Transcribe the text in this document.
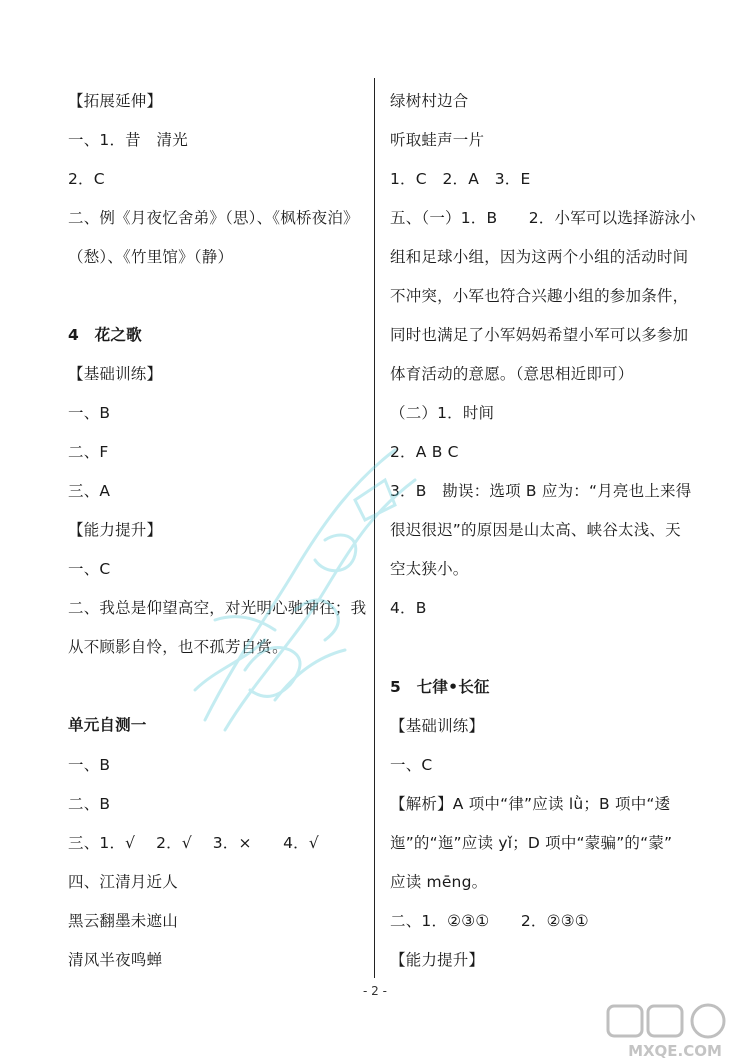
【拓展延伸】
一、1．昔　清光
2．C
二、例《月夜忆舍弟》（思）、《枫桥夜泊》
（愁）、《竹里馆》（静）
4　花之歌
【基础训练】
一、B
二、F
三、A
【能力提升】
一、C
二、我总是仰望高空，对光明心驰神往；我
从不顾影自怜，也不孤芳自赏。
单元自测一
一、B
二、B
三、1．√　 2．√　 3．×　　4．√
四、江清月近人
黑云翻墨未遮山
清风半夜鸣蝉
绿树村边合
听取蛙声一片
1．C　2．A　3．E
五、（一）1．B　　2．小军可以选择游泳小
组和足球小组，因为这两个小组的活动时间
不冲突，小军也符合兴趣小组的参加条件，
同时也满足了小军妈妈希望小军可以多参加
体育活动的意愿。（意思相近即可）
（二）1．时间
2．A B C
3．B　勘误：选项 B 应为：“月亮也上来得
很迟很迟”的原因是山太高、峡谷太浅、天
空太狭小。
4．B
5　七律•长征
【基础训练】
一、C
【解析】A 项中“律”应读 lǜ；B 项中“逶
迤”的“迤”应读 yǐ；D 项中“蒙骗”的“蒙”
应读 mēng。
二、1．②③①　　2．②③①
【能力提升】
- 2 -
MXQE.COM
